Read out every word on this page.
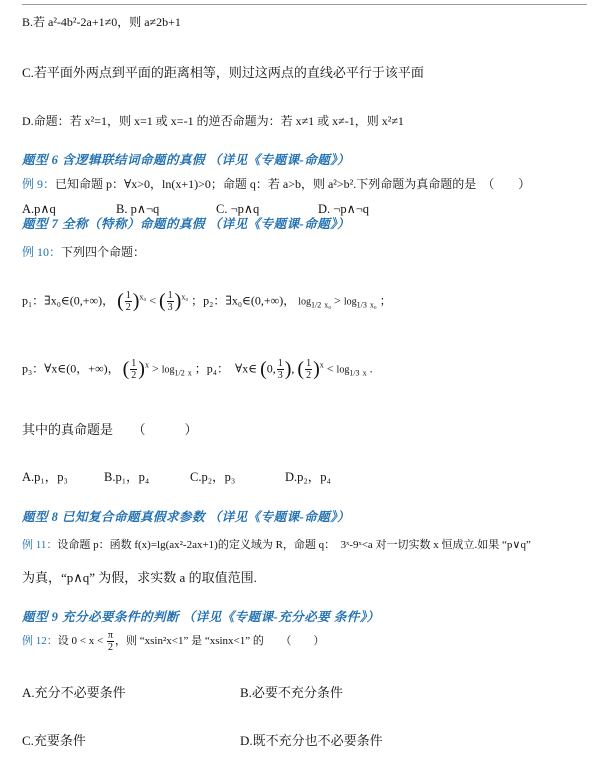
B.若 a²-4b²-2a+1≠0，则 a≠2b+1
C.若平面外两点到平面的距离相等，则过这两点的直线必平行于该平面
D.命题：若 x²=1，则 x=1 或 x=-1 的逆否命题为：若 x≠1 或 x≠-1，则 x²≠1
题型 6 含逻辑联结词命题的真假 （详见《专题课-命题》）
例 9：已知命题 p：∀x>0，ln(x+1)>0；命题 q：若 a>b，则 a²>b².下列命题为真命题的是　（　　）
A.p∧q	B. p∧¬q	C. ¬p∧q	D. ¬p∧¬q
题型 7 全称（特称）命题的真假 （详见《专题课-命题》）
例 10：下列四个命题：
p₁：∃x₀∈(0,+∞)， ( $\frac{1}{2} )^{x_0}$ < ( $\frac{1}{3} )^{x_0}$ ；p₂：∃x₀∈(0,+∞)， $\log_{1/2} _{x_0} > \log_{1/3} _{x_0}$ ；
p₃：∀x∈(0，+∞)， ( $\frac{1}{2} )^x > \log_{1/2} _x$ ；p₄：　∀x∈ (0, $\frac{1}{3}$ ), ( $\frac{1}{2} )^x < \log_{1/3} _x$ .
其中的真命题是　　（　　　）
A.p₁，p₃	B.p₁，p₄	C.p₂，p₃	D.p₂，p₄
题型 8 已知复合命题真假求参数 （详见《专题课-命题》）
例 11：设命题 p：函数 f(x)=lg(ax²-2ax+1)的定义域为 R，命题 q：　3ˣ-9ˣ<a 对一切实数 x 恒成立.如果 “p∨q”
为真，“p∧q” 为假，求实数 a 的取值范围.
题型 9 充分必要条件的判断 （详见《专题课-充分必要 条件》）
例 12：设 $0 < x < \frac{\pi}{2}$ ，则 “xsin²x<1” 是 “xsinx<1” 的　　（　　）
A.充分不必要条件	B.必要不充分条件
C.充要条件	D.既不充分也不必要条件
